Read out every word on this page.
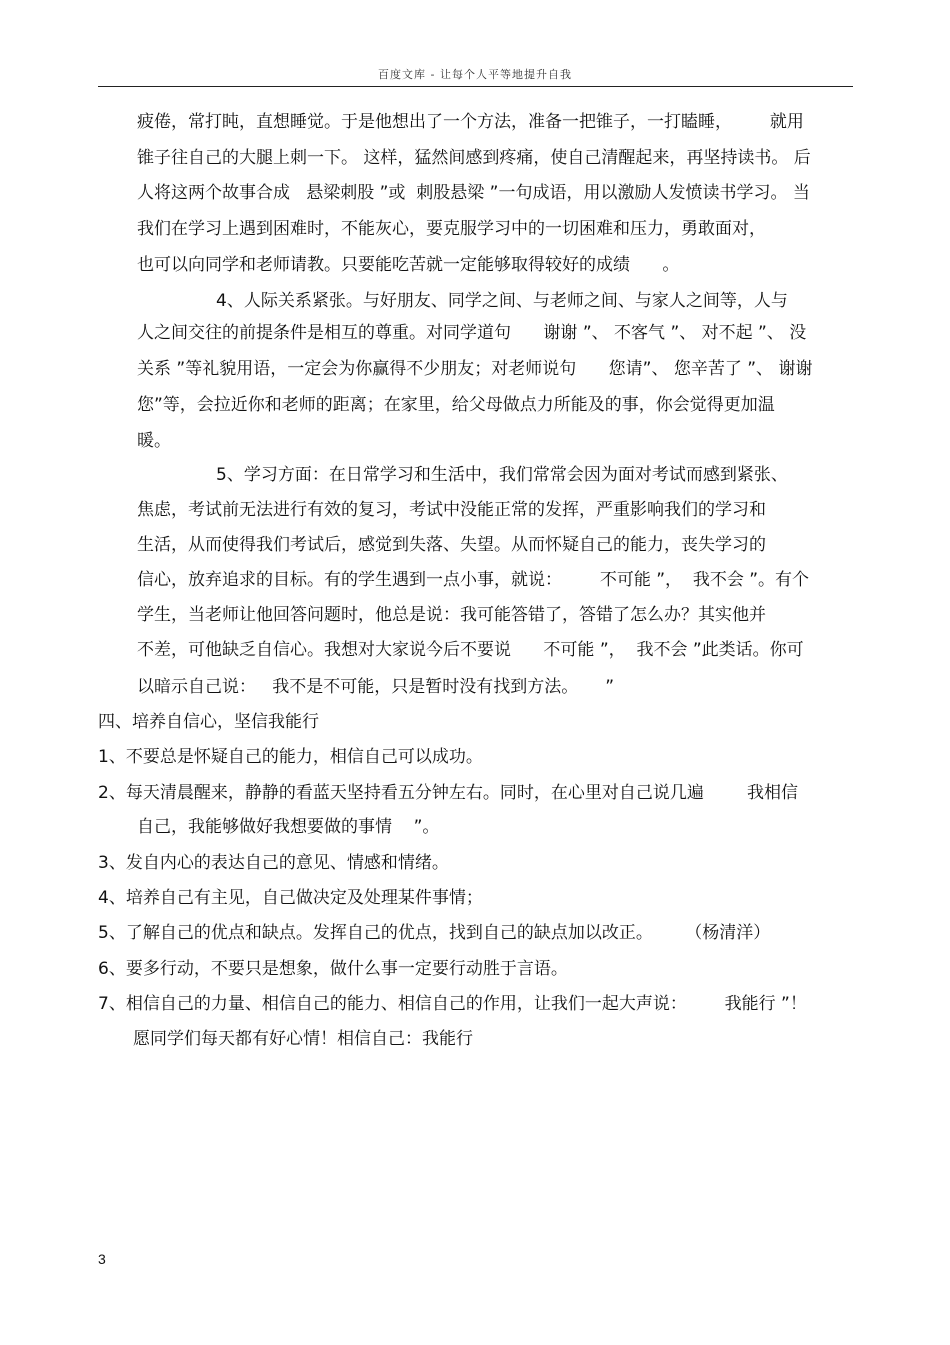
百度文库 - 让每个人平等地提升自我
疲倦，常打盹，直想睡觉。于是他想出了一个方法，准备一把锥子，一打瞌睡，       就用
锥子往自己的大腿上刺一下。 这样，猛然间感到疼痛，使自己清醒起来，再坚持读书。 后
人将这两个故事合成   悬梁刺股 ”或  刺股悬梁 ”一句成语，用以激励人发愤读书学习。 当
我们在学习上遇到困难时，不能灰心，要克服学习中的一切困难和压力，勇敢面对，
也可以向同学和老师请教。只要能吃苦就一定能够取得较好的成绩      。
4、人际关系紧张。与好朋友、同学之间、与老师之间、与家人之间等，人与
人之间交往的前提条件是相互的尊重。对同学道句      谢谢 ”、 不客气 ”、 对不起 ”、 没
关系 ”等礼貌用语，一定会为你赢得不少朋友；对老师说句      您请”、 您辛苦了 ”、 谢谢
您”等，会拉近你和老师的距离；在家里，给父母做点力所能及的事，你会觉得更加温
暖。
5、学习方面：在日常学习和生活中，我们常常会因为面对考试而感到紧张、
焦虑，考试前无法进行有效的复习，考试中没能正常的发挥，严重影响我们的学习和
生活，从而使得我们考试后，感觉到失落、失望。从而怀疑自己的能力，丧失学习的
信心，放弃追求的目标。有的学生遇到一点小事，就说：       不可能 ”，  我不会 ”。有个
学生，当老师让他回答问题时，他总是说：我可能答错了，答错了怎么办？其实他并
不差，可他缺乏自信心。我想对大家说今后不要说      不可能 ”，  我不会 ”此类话。你可
以暗示自己说：   我不是不可能，只是暂时没有找到方法。     ”
四、培养自信心，坚信我能行
1、不要总是怀疑自己的能力，相信自己可以成功。
2、每天清晨醒来，静静的看蓝天坚持看五分钟左右。同时，在心里对自己说几遍        我相信
自己，我能够做好我想要做的事情    ”。
3、发自内心的表达自己的意见、情感和情绪。
4、培养自己有主见，自己做决定及处理某件事情；
5、了解自己的优点和缺点。发挥自己的优点，找到自己的缺点加以改正。      （杨清洋）
6、要多行动，不要只是想象，做什么事一定要行动胜于言语。
7、相信自己的力量、相信自己的能力、相信自己的作用，让我们一起大声说：       我能行 ”！
愿同学们每天都有好心情！相信自己：我能行
3
